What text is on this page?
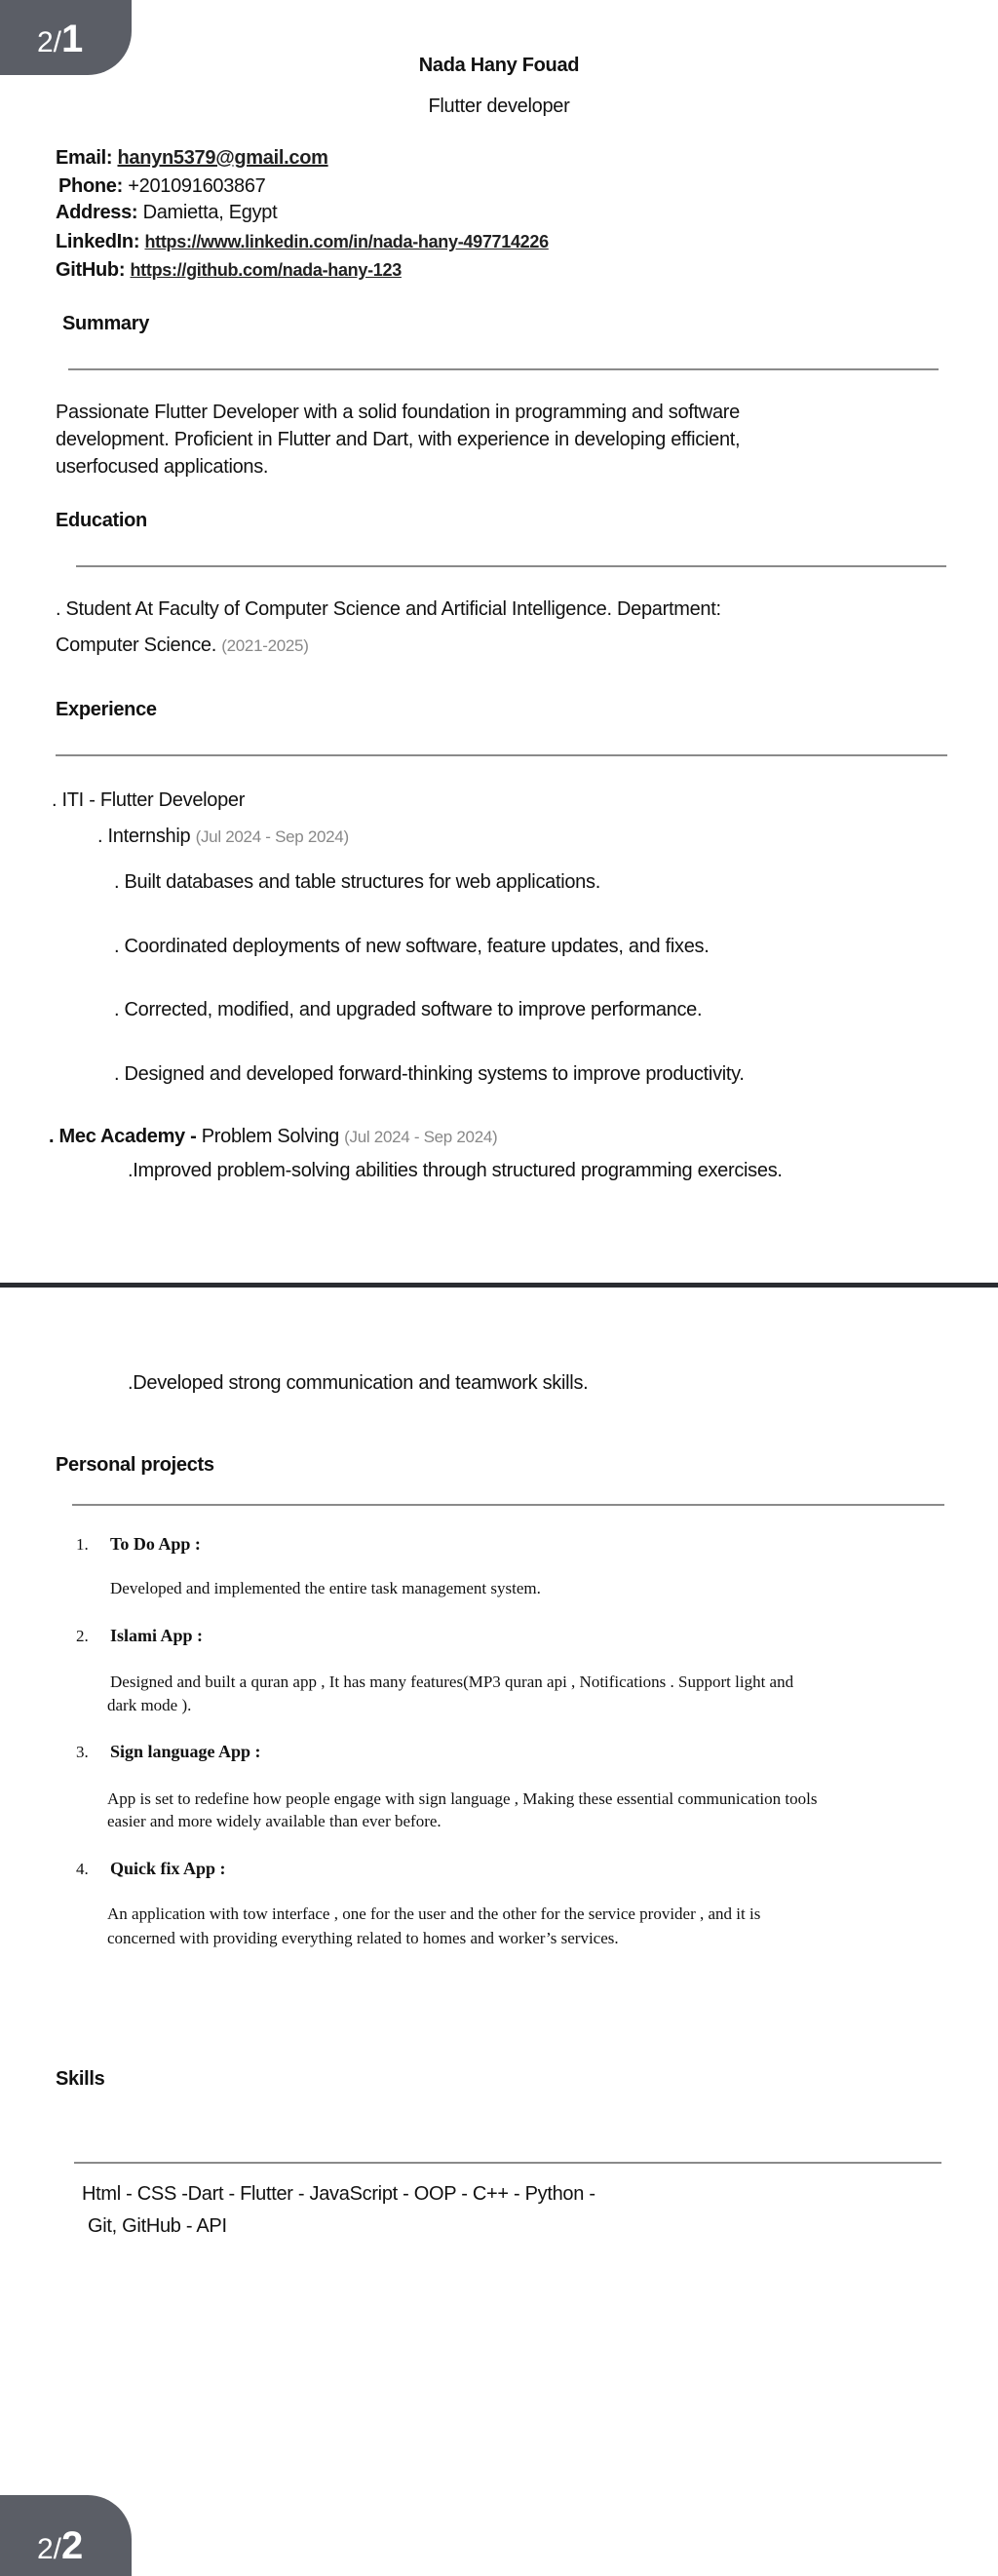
2/1
Nada Hany Fouad
Flutter developer
Email: hanyn5379@gmail.com
Phone: +201091603867
Address: Damietta, Egypt
LinkedIn: https://www.linkedin.com/in/nada-hany-497714226
GitHub: https://github.com/nada-hany-123
Summary
Passionate Flutter Developer with a solid foundation in programming and software
development. Proficient in Flutter and Dart, with experience in developing efficient,
userfocused applications.
Education
. Student At Faculty of Computer Science and Artificial Intelligence. Department:
Computer Science. (2021-2025)
Experience
. ITI - Flutter Developer
. Internship (Jul 2024 - Sep 2024)
. Built databases and table structures for web applications.
. Coordinated deployments of new software, feature updates, and fixes.
. Corrected, modified, and upgraded software to improve performance.
. Designed and developed forward-thinking systems to improve productivity.
. Mec Academy - Problem Solving (Jul 2024 - Sep 2024)
.Improved problem-solving abilities through structured programming exercises.
.Developed strong communication and teamwork skills.
Personal projects
1. To Do App :
Developed and implemented the entire task management system.
2. Islami App :
Designed and built a quran app , It has many features(MP3 quran api , Notifications . Support light and
dark mode ).
3. Sign language App :
App is set to redefine how people engage with sign language , Making these essential communication tools
easier and more widely available than ever before.
4. Quick fix App :
An application with tow interface , one for the user and the other for the service provider , and it is
concerned with providing everything related to homes and worker’s services.
Skills
Html - CSS -Dart - Flutter - JavaScript - OOP - C++ - Python -
Git, GitHub - API
2/2
